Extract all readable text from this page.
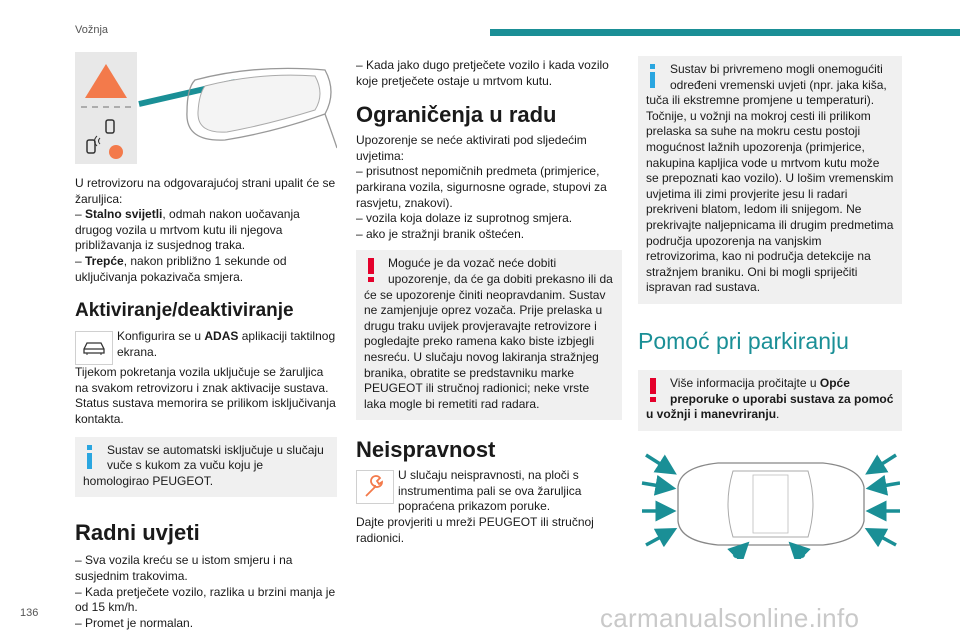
Vožnja

U retrovizoru na odgovarajućoj strani upalit će se žaruljica:

– Stalno svijetli, odmah nakon uočavanja drugog vozila u mrtvom kutu ili njegova približavanja iz susjednog traka.

– Trepće, nakon približno 1 sekunde od uključivanja pokazivača smjera.

Aktiviranje/deaktiviranje

Konfigurira se u ADAS aplikaciji taktilnog ekrana.

Tijekom pokretanja vozila uključuje se žaruljica na svakom retrovizoru i znak aktivacije sustava. Status sustava memorira se prilikom isključivanja kontakta.

Sustav se automatski isključuje u slučaju vuče s kukom za vuču koju je homologirao PEUGEOT.

Radni uvjeti

– Sva vozila kreću se u istom smjeru i na susjednim trakovima.

– Kada pretječete vozilo, razlika u brzini manja je od 15 km/h.

– Promet je normalan.

– Kada jako dugo pretječete vozilo i kada vozilo koje pretječete ostaje u mrtvom kutu.

Ograničenja u radu

Upozorenje se neće aktivirati pod sljedećim uvjetima:

– prisutnost nepomičnih predmeta (primjerice, parkirana vozila, sigurnosne ograde, stupovi za rasvjetu, znakovi).

– vozila koja dolaze iz suprotnog smjera.

– ako je stražnji branik oštećen.

Moguće je da vozač neće dobiti upozorenje, da će ga dobiti prekasno ili da će se upozorenje činiti neopravdanim. Sustav ne zamjenjuje oprez vozača. Prije prelaska u drugu traku uvijek provjeravajte retrovizore i pogledajte preko ramena kako biste izbjegli nesreću. U slučaju novog lakiranja stražnjeg branika, obratite se predstavniku marke PEUGEOT ili stručnoj radionici; neke vrste laka mogle bi remetiti rad radara.

Neispravnost

U slučaju neispravnosti, na ploči s instrumentima pali se ova žaruljica popraćena prikazom poruke.

Dajte provjeriti u mreži PEUGEOT ili stručnoj radionici.

Sustav bi privremeno mogli onemogućiti određeni vremenski uvjeti (npr. jaka kiša, tuča ili ekstremne promjene u temperaturi). Točnije, u vožnji na mokroj cesti ili prilikom prelaska sa suhe na mokru cestu postoji mogućnost lažnih upozorenja (primjerice, nakupina kapljica vode u mrtvom kutu može se prepoznati kao vozilo). U lošim vremenskim uvjetima ili zimi provjerite jesu li radari prekriveni blatom, ledom ili snijegom. Ne prekrivajte naljepnicama ili drugim predmetima područja upozorenja na vanjskim retrovizorima, kao ni područja detekcije na stražnjem braniku. Oni bi mogli spriječiti ispravan rad sustava.

Pomoć pri parkiranju

Više informacija pročitajte u Opće preporuke o uporabi sustava za pomoć u vožnji i manevriranju.

136	carmanualsonline.info
